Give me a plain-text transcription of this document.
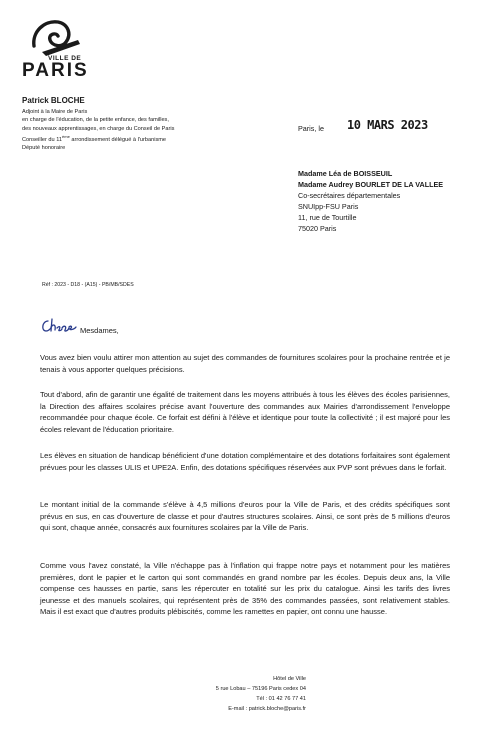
VILLE DE
PARIS
Patrick BLOCHE
Adjoint à la Maire de Paris
en charge de l'éducation, de la petite enfance, des familles,
des nouveaux apprentissages, en charge du Conseil de Paris
Conseiller du 11ème arrondissement délégué à l'urbanisme
Député honoraire
Paris, le 10 MARS 2023
Madame Léa de BOISSEUIL
Madame Audrey BOURLET DE LA VALLEE
Co-secrétaires départementales
SNUIpp-FSU Paris
11, rue de Tourtille
75020 Paris
Réf : 2023 - D18 - (A15) - PB/MB/SDES
Mesdames,
Vous avez bien voulu attirer mon attention au sujet des commandes de fournitures scolaires pour la prochaine rentrée et je tenais à vous apporter quelques précisions.
Tout d'abord, afin de garantir une égalité de traitement dans les moyens attribués à tous les élèves des écoles parisiennes, la Direction des affaires scolaires précise avant l'ouverture des commandes aux Mairies d'arrondissement l'enveloppe recommandée pour chaque école. Ce forfait est défini à l'élève et identique pour toute la collectivité ; il est majoré pour les écoles relevant de l'éducation prioritaire.
Les élèves en situation de handicap bénéficient d'une dotation complémentaire et des dotations forfaitaires sont également prévues pour les classes ULIS et UPE2A. Enfin, des dotations spécifiques réservées aux PVP sont prévues dans le forfait.
Le montant initial de la commande s'élève à 4,5 millions d'euros pour la Ville de Paris, et des crédits spécifiques sont prévus en sus, en cas d'ouverture de classe et pour d'autres structures scolaires. Ainsi, ce sont près de 5 millions d'euros qui sont, chaque année, consacrés aux fournitures scolaires par la Ville de Paris.
Comme vous l'avez constaté, la Ville n'échappe pas à l'inflation qui frappe notre pays et notamment pour les matières premières, dont le papier et le carton qui sont commandés en grand nombre par les écoles. Depuis deux ans, la Ville compense ces hausses en partie, sans les répercuter en totalité sur les prix du catalogue. Ainsi les tarifs des livres jeunesse et des manuels scolaires, qui représentent près de 35% des commandes passées, sont relativement stables. Mais il est exact que d'autres produits plébiscités, comme les ramettes en papier, ont connu une hausse.
Hôtel de Ville
5 rue Lobau – 75196 Paris cedex 04
Tél : 01 42 76 77 41
E-mail : patrick.bloche@paris.fr
